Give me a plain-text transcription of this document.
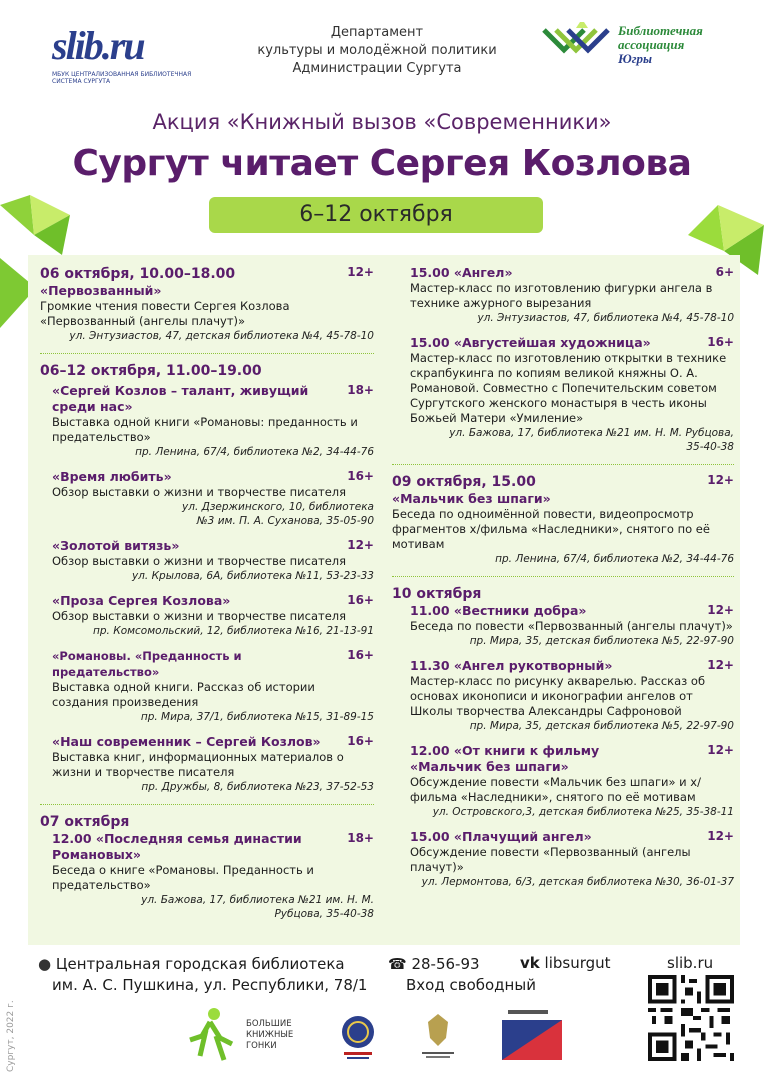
slib.ru
МБУК ЦЕНТРАЛИЗОВАННАЯ БИБЛИОТЕЧНАЯ СИСТЕМА СУРГУТА
Департамент
культуры и молодёжной политики
Администрации Сургута
Библиотечная
ассоциация
Югры
Акция «Книжный вызов «Современники»
Сургут читает Сергея Козлова
6–12 октября
06 октября, 10.00–18.00	12+
«Первозванный»
Громкие чтения повести Сергея Козлова «Первозванный (ангелы плачут)»
ул. Энтузиастов, 47, детская библиотека №4, 45-78-10
06–12 октября, 11.00–19.00
«Сергей Козлов – талант, живущий среди нас»
18+
Выставка одной книги «Романовы: преданность и предательство»
пр. Ленина, 67/4, библиотека №2, 34-44-76
«Время любить»	16+
Обзор выставки о жизни и творчестве писателя
ул. Дзержинского, 10, библиотека №3 им. П. А. Суханова, 35-05-90
«Золотой витязь»	12+
Обзор выставки о жизни и творчестве писателя
ул. Крылова, 6А, библиотека №11, 53-23-33
«Проза Сергея Козлова»	16+
Обзор выставки о жизни и творчестве писателя
пр. Комсомольский, 12, библиотека №16, 21-13-91
«Романовы. «Преданность и предательство»
16+
Выставка одной книги. Рассказ об истории создания произведения
пр. Мира, 37/1, библиотека №15, 31-89-15
«Наш современник – Сергей Козлов»	16+
Выставка книг, информационных материалов о жизни и творчестве писателя
пр. Дружбы, 8, библиотека №23, 37-52-53
07 октября
12.00 «Последняя семья династии Романовых»
18+
Беседа о книге «Романовы. Преданность и предательство»
ул. Бажова, 17, библиотека №21 им. Н. М. Рубцова, 35-40-38
15.00 «Ангел»	6+
Мастер-класс по изготовлению фигурки ангела в технике ажурного вырезания
ул. Энтузиастов, 47, библиотека №4, 45-78-10
15.00 «Августейшая художница»	16+
Мастер-класс по изготовлению открытки в технике скрапбукинга по копиям великой княжны О. А. Романовой. Совместно с Попечительским советом Сургутского женского монастыря в честь иконы Божьей Матери «Умиление»
ул. Бажова, 17, библиотека №21 им. Н. М. Рубцова, 35-40-38
09 октября, 15.00	12+
«Мальчик без шпаги»
Беседа по одноимённой повести, видеопросмотр фрагментов х/фильма «Наследники», снятого по её мотивам
пр. Ленина, 67/4, библиотека №2, 34-44-76
10 октября
11.00 «Вестники добра»	12+
Беседа по повести «Первозванный (ангелы плачут)»
пр. Мира, 35, детская библиотека №5, 22-97-90
11.30 «Ангел рукотворный»	12+
Мастер-класс по рисунку акварелью. Рассказ об основах иконописи и иконографии ангелов от Школы творчества Александры Сафроновой
пр. Мира, 35, детская библиотека №5, 22-97-90
12.00 «От книги к фильму «Мальчик без шпаги»
12+
Обсуждение повести «Мальчик без шпаги» и х/фильма «Наследники», снятого по её мотивам
ул. Островского,3, детская библиотека №25, 35-38-11
15.00 «Плачущий ангел»	12+
Обсуждение повести «Первозванный (ангелы плачут)»
ул. Лермонтова, 6/3, детская библиотека №30, 36-01-37
● Центральная городская библиотека
им. А. С. Пушкина, ул. Республики, 78/1
☎ 28-56-93
Вход свободный
vk libsurgut	slib.ru
Сургут, 2022 г.	БОЛЬШИЕ
КНИЖНЫЕ
ГОНКИ
